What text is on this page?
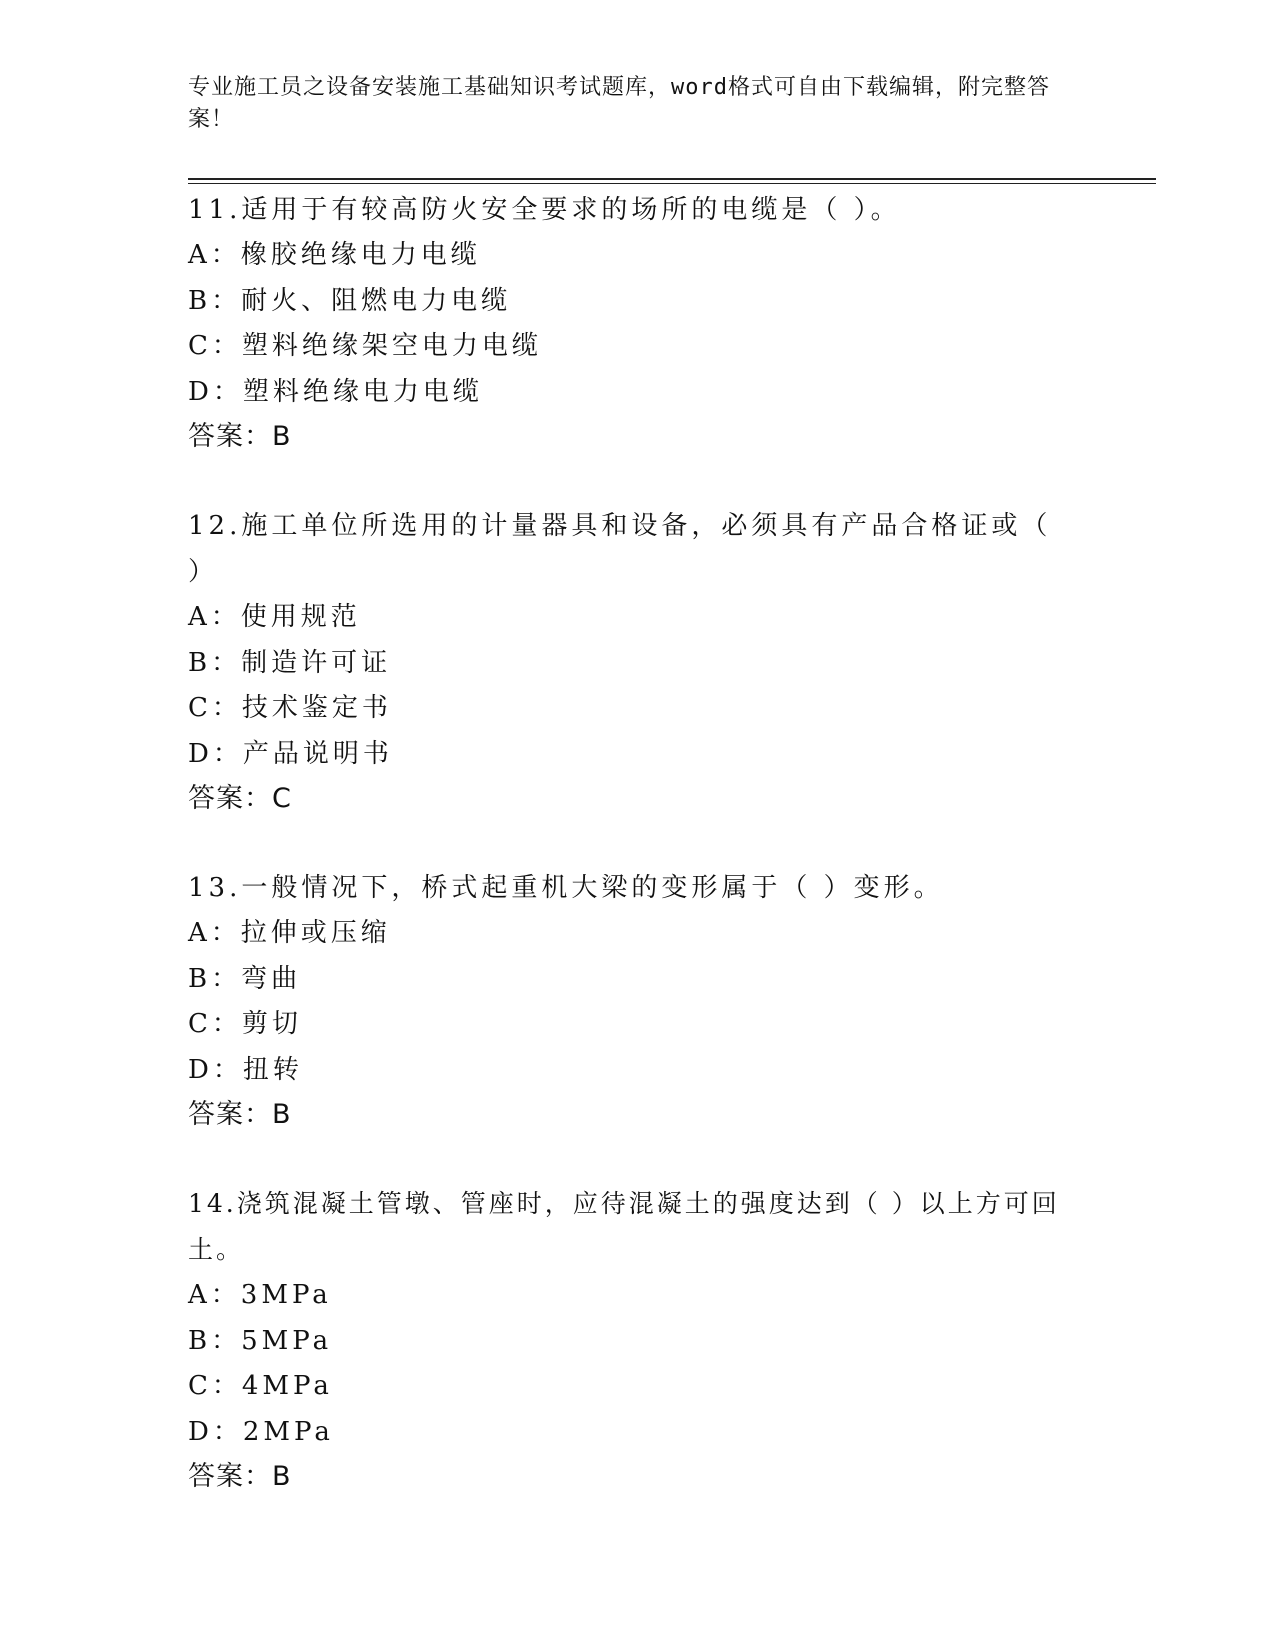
专业施工员之设备安装施工基础知识考试题库，word格式可自由下载编辑，附完整答案！
11.适用于有较高防火安全要求的场所的电缆是（ ）。
A：橡胶绝缘电力电缆
B：耐火、阻燃电力电缆
C：塑料绝缘架空电力电缆
D：塑料绝缘电力电缆
答案：B
12.施工单位所选用的计量器具和设备，必须具有产品合格证或（ ）
A：使用规范
B：制造许可证
C：技术鉴定书
D：产品说明书
答案：C
13.一般情况下，桥式起重机大梁的变形属于（ ）变形。
A：拉伸或压缩
B：弯曲
C：剪切
D：扭转
答案：B
14.浇筑混凝土管墩、管座时，应待混凝土的强度达到（ ）以上方可回土。
A：3MPa
B：5MPa
C：4MPa
D：2MPa
答案：B
